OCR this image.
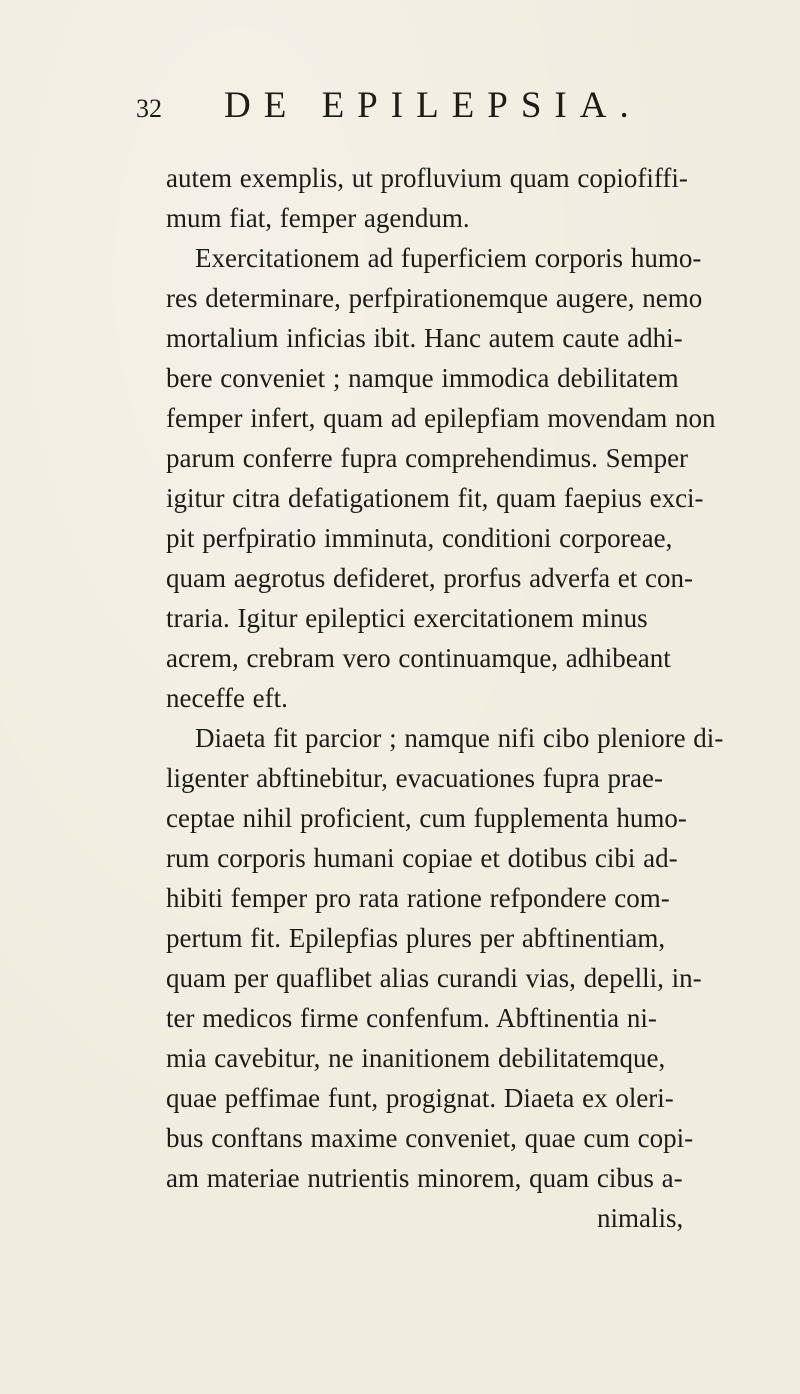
32 DE EPILEPSIA.
autem exemplis, ut profluvium quam copiofiffi-
mum fiat, femper agendum.
Exercitationem ad fuperficiem corporis humo-
res determinare, perfpirationemque augere, nemo
mortalium inficias ibit. Hanc autem caute adhi-
bere conveniet ; namque immodica debilitatem
femper infert, quam ad epilepfiam movendam non
parum conferre fupra comprehendimus. Semper
igitur citra defatigationem fit, quam faepius exci-
pit perfpiratio imminuta, conditioni corporeae,
quam aegrotus defideret, prorfus adverfa et con-
traria. Igitur epileptici exercitationem minus
acrem, crebram vero continuamque, adhibeant
neceffe eft.
Diaeta fit parcior ; namque nifi cibo pleniore di-
ligenter abftinebitur, evacuationes fupra prae-
ceptae nihil proficient, cum fupplementa humo-
rum corporis humani copiae et dotibus cibi ad-
hibiti femper pro rata ratione refpondere com-
pertum fit. Epilepfias plures per abftinentiam,
quam per quaflibet alias curandi vias, depelli, in-
ter medicos firme confenfum. Abftinentia ni-
mia cavebitur, ne inanitionem debilitatemque,
quae peffimae funt, progignat. Diaeta ex oleri-
bus conftans maxime conveniet, quae cum copi-
am materiae nutrientis minorem, quam cibus a-
nimalis,
